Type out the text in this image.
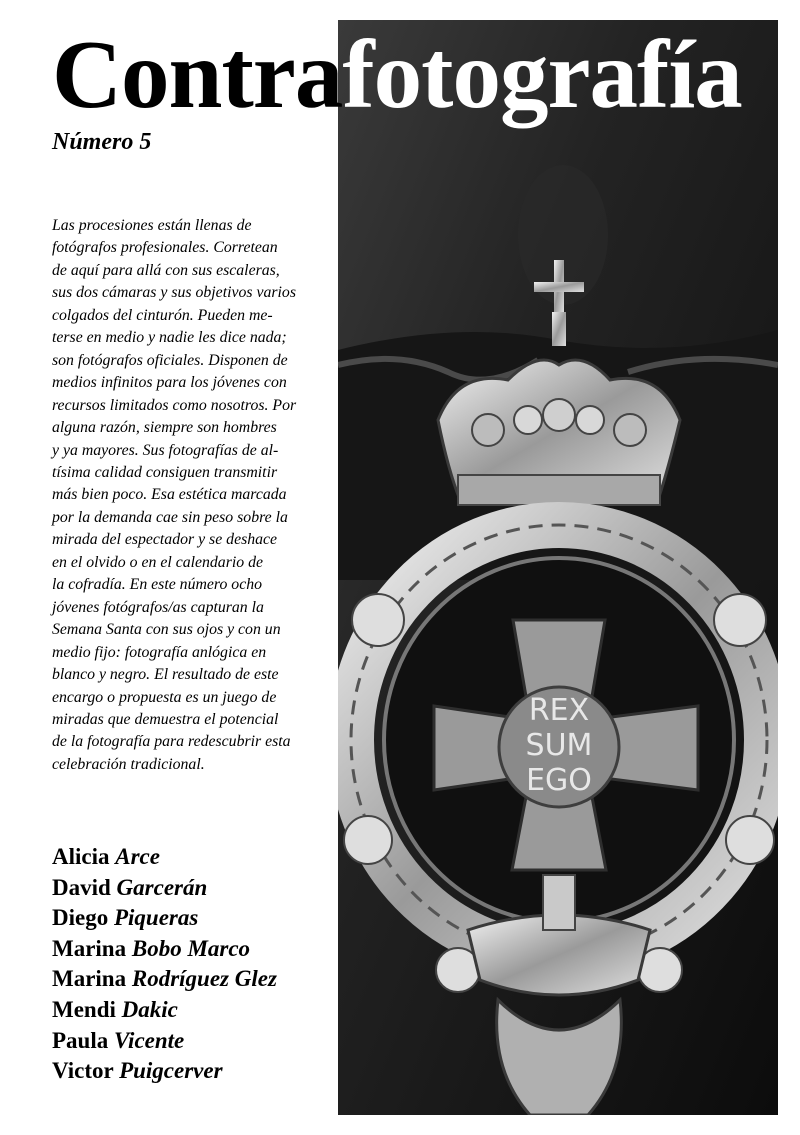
REX
SUM
EGO
Contrafotografía

Número 5

Las procesiones están llenas de
fotógrafos profesionales. Corretean
de aquí para allá con sus escaleras,
sus dos cámaras y sus objetivos varios
colgados del cinturón. Pueden me-
terse en medio y nadie les dice nada;
son fotógrafos oficiales. Disponen de
medios infinitos para los jóvenes con
recursos limitados como nosotros. Por
alguna razón, siempre son hombres
y ya mayores. Sus fotografías de al-
tísima calidad consiguen transmitir
más bien poco. Esa estética marcada
por la demanda cae sin peso sobre la
mirada del espectador y se deshace
en el olvido o en el calendario de
la cofradía. En este número ocho
jóvenes fotógrafos/as capturan la
Semana Santa con sus ojos y con un
medio fijo: fotografía anlógica en
blanco y negro. El resultado de este
encargo o propuesta es un juego de
miradas que demuestra el potencial
de la fotografía para redescubrir esta
celebración tradicional.

Alicia Arce
David Garcerán
Diego Piqueras
Marina Bobo Marco
Marina Rodríguez Glez
Mendi Dakic
Paula Vicente
Victor Puigcerver
